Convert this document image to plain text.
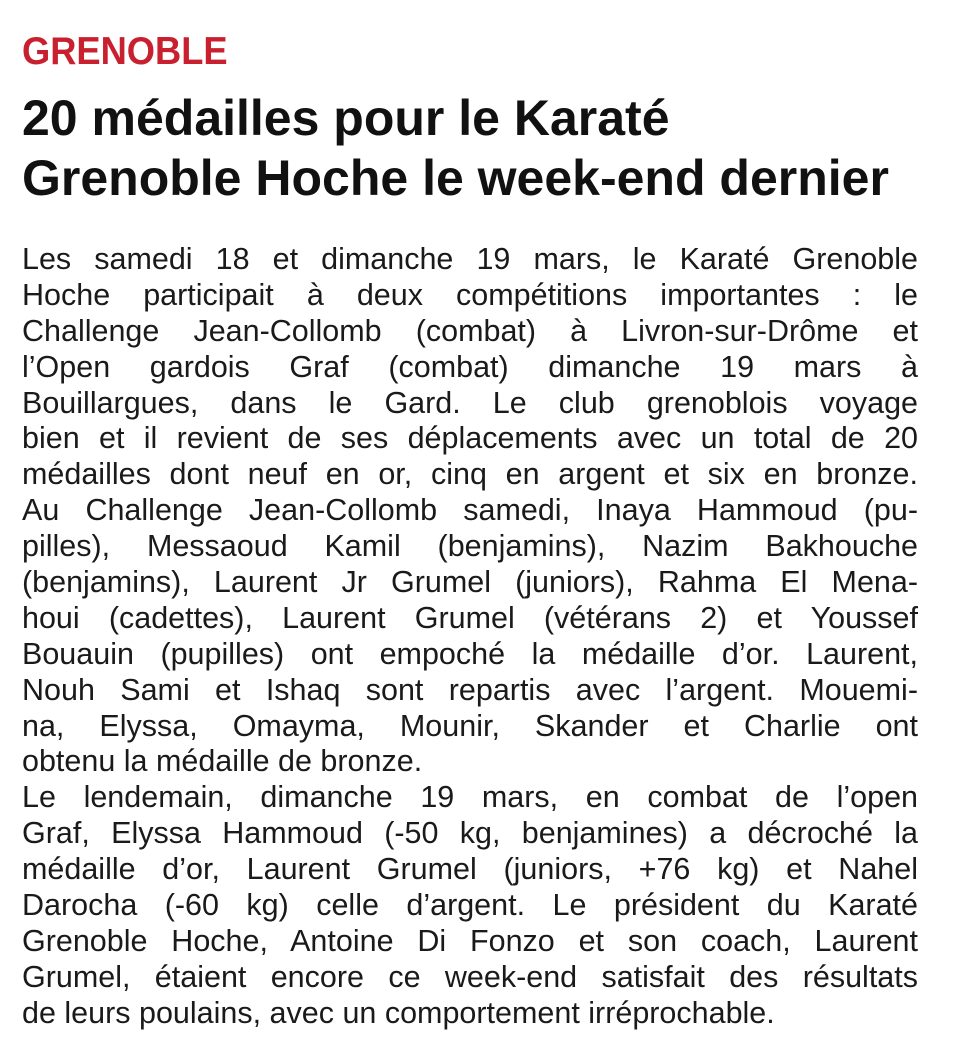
GRENOBLE

20 médailles pour le Karaté
Grenoble Hoche le week-end dernier
Les samedi 18 et dimanche 19 mars, le Karaté Grenoble
Hoche participait à deux compétitions importantes : le
Challenge Jean-Collomb (combat) à Livron-sur-Drôme et
l’Open gardois Graf (combat) dimanche 19 mars à
Bouillargues, dans le Gard. Le club grenoblois voyage
bien et il revient de ses déplacements avec un total de 20
médailles dont neuf en or, cinq en argent et six en bronze.
Au Challenge Jean-Collomb samedi, Inaya Hammoud (pu-
pilles), Messaoud Kamil (benjamins), Nazim Bakhouche
(benjamins), Laurent Jr Grumel (juniors), Rahma El Mena-
houi (cadettes), Laurent Grumel (vétérans 2) et Youssef
Bouauin (pupilles) ont empoché la médaille d’or. Laurent,
Nouh Sami et Ishaq sont repartis avec l’argent. Mouemi-
na, Elyssa, Omayma, Mounir, Skander et Charlie ont
obtenu la médaille de bronze.
Le lendemain, dimanche 19 mars, en combat de l’open
Graf, Elyssa Hammoud (-50 kg, benjamines) a décroché la
médaille d’or, Laurent Grumel (juniors, +76 kg) et Nahel
Darocha (-60 kg) celle d’argent. Le président du Karaté
Grenoble Hoche, Antoine Di Fonzo et son coach, Laurent
Grumel, étaient encore ce week-end satisfait des résultats
de leurs poulains, avec un comportement irréprochable.
